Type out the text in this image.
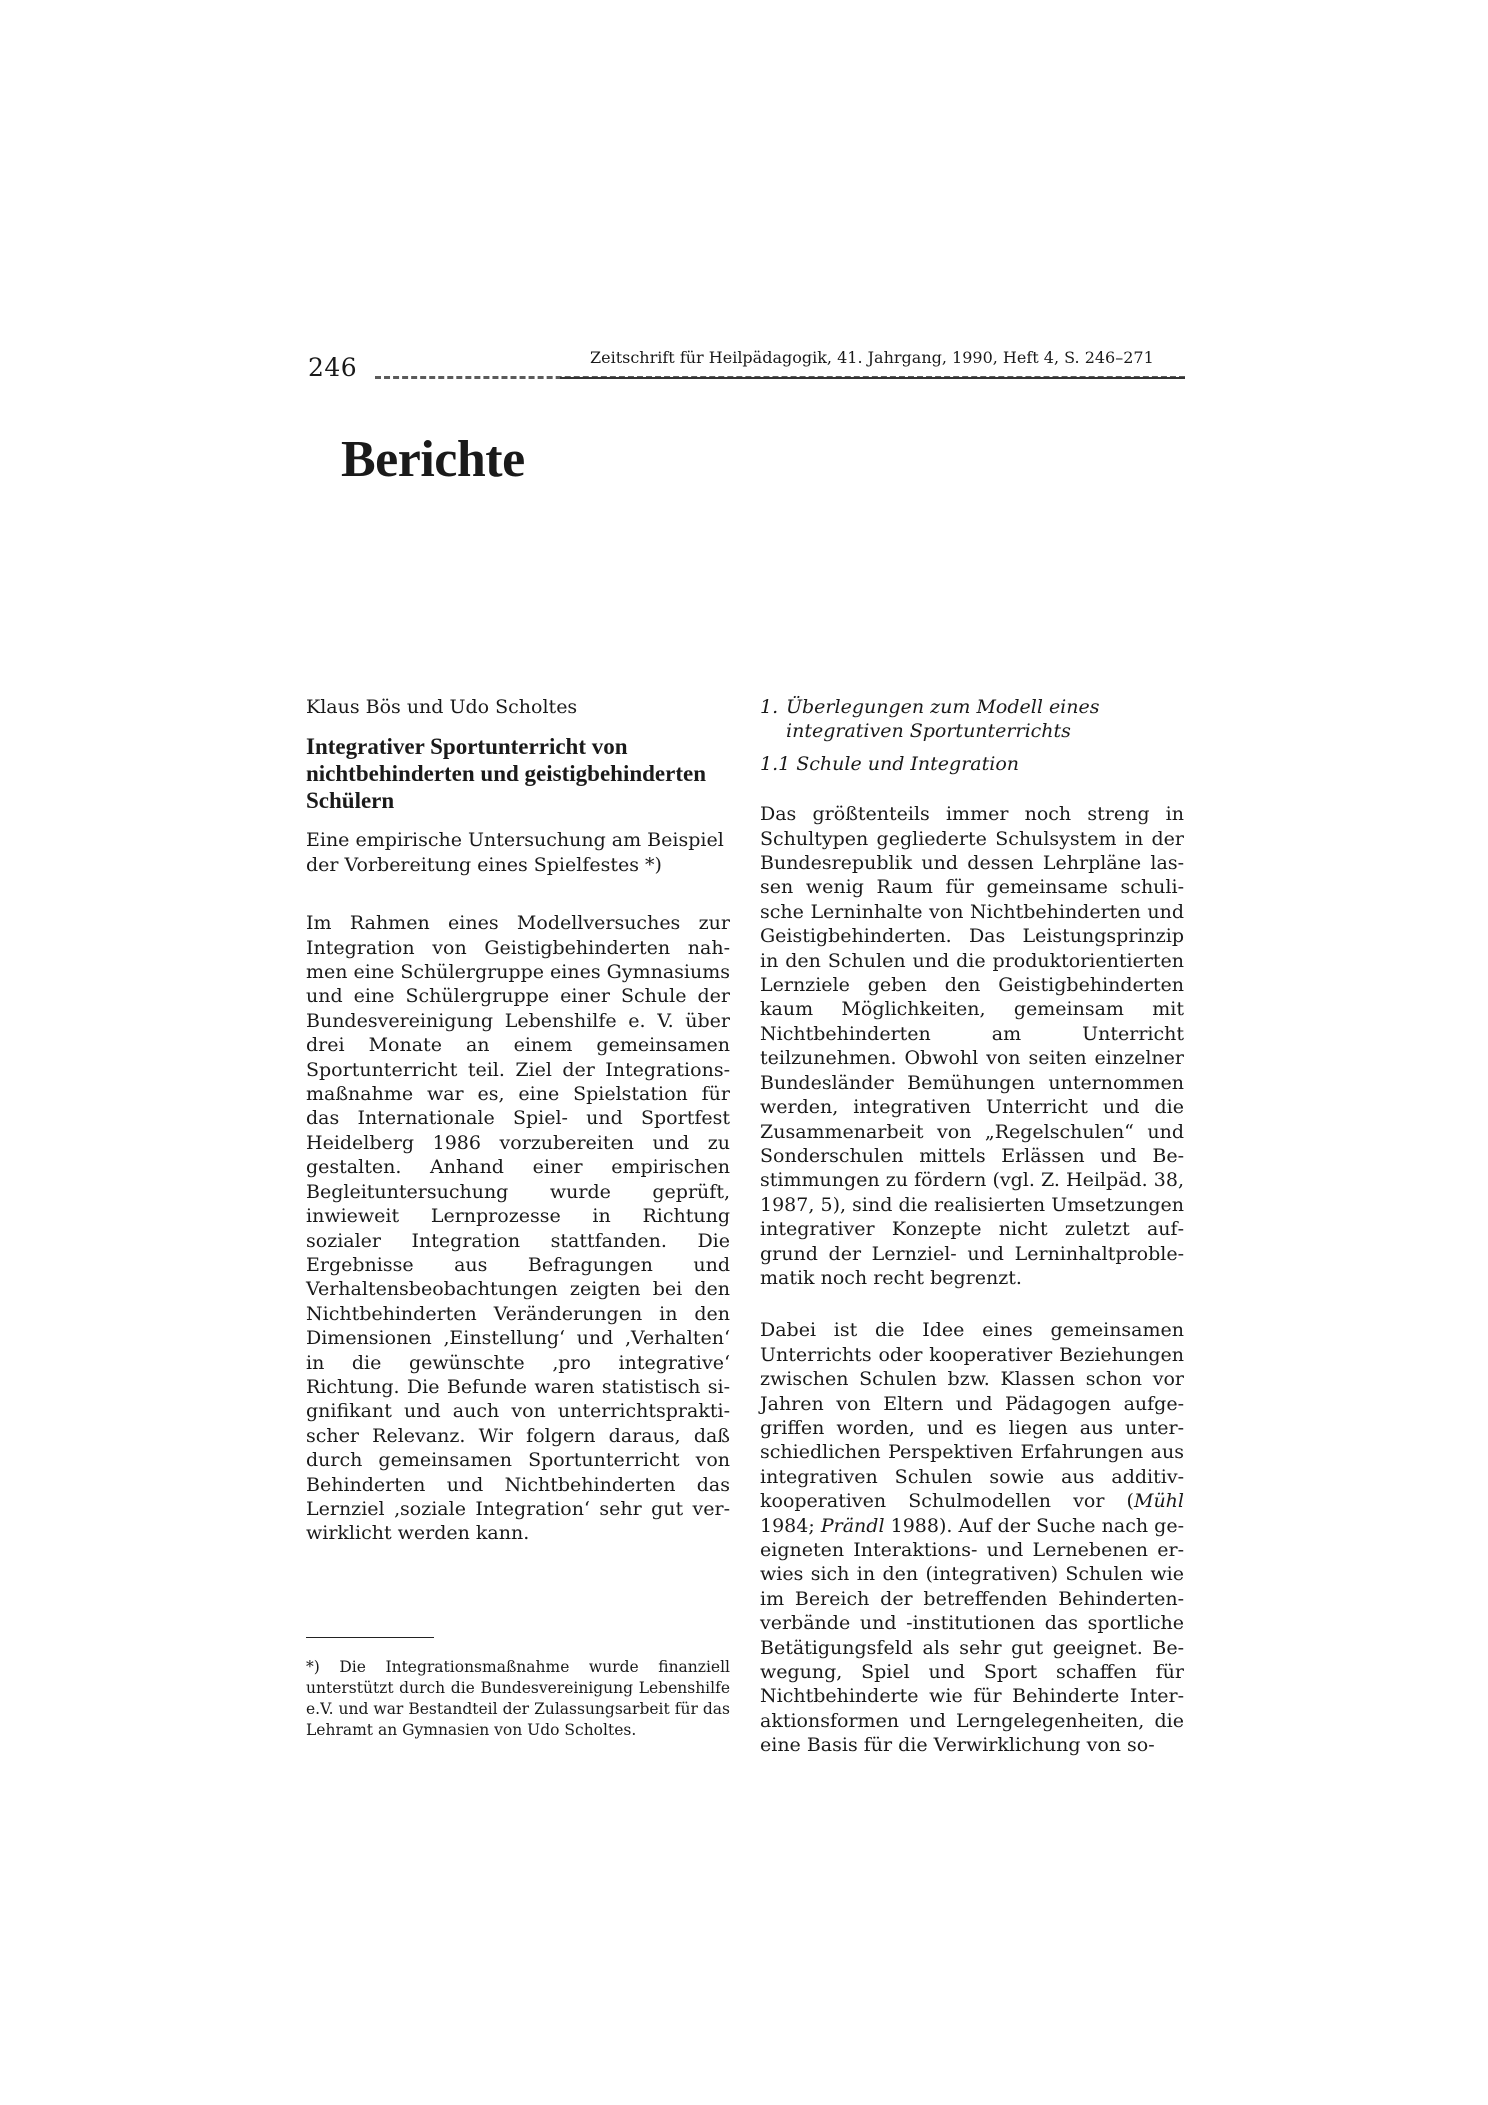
246	Zeitschrift für Heilpädagogik, 41. Jahrgang, 1990, Heft 4, S. 246–271
Berichte

Klaus Bös und Udo Scholtes

Integrativer Sportunterricht von nichtbehinderten und geistigbehinderten Schülern

Eine empirische Untersuchung am Beispiel der Vorbereitung eines Spielfestes *)

Im Rahmen eines Modellversuches zur Integration von Geistigbehinderten nahmen eine Schülergruppe eines Gymnasiums und eine Schülergruppe einer Schule der Bundesvereinigung Lebenshilfe e. V. über drei Monate an einem gemeinsamen Sportunterricht teil. Ziel der Integrationsmaßnahme war es, eine Spielstation für das Internationale Spiel- und Sportfest Heidelberg 1986 vorzubereiten und zu gestalten. Anhand einer empirischen Begleituntersuchung wurde geprüft, inwieweit Lernprozesse in Richtung sozialer Integration stattfanden. Die Ergebnisse aus Befragungen und Verhaltensbeobachtungen zeigten bei den Nichtbehinderten Veränderungen in den Dimensionen ‚Einstellung‘ und ‚Verhalten‘ in die gewünschte ‚pro integrative‘ Richtung. Die Befunde waren statistisch signifikant und auch von unterrichtspraktischer Relevanz. Wir folgern daraus, daß durch gemeinsamen Sportunterricht von Behinderten und Nichtbehinderten das Lernziel ‚soziale Integration‘ sehr gut verwirklicht werden kann.

*) Die Integrationsmaßnahme wurde finanziell unterstützt durch die Bundesvereinigung Lebenshilfe e.V. und war Bestandteil der Zulassungsarbeit für das Lehramt an Gymnasien von Udo Scholtes.

1. Überlegungen zum Modell eines integrativen Sportunterrichts
1.1 Schule und Integration

Das größtenteils immer noch streng in Schultypen gegliederte Schulsystem in der Bundesrepublik und dessen Lehrpläne lassen wenig Raum für gemeinsame schulische Lerninhalte von Nichtbehinderten und Geistigbehinderten. Das Leistungsprinzip in den Schulen und die produktorientierten Lernziele geben den Geistigbehinderten kaum Möglichkeiten, gemeinsam mit Nichtbehinderten am Unterricht teilzunehmen. Obwohl von seiten einzelner Bundesländer Bemühungen unternommen werden, integrativen Unterricht und die Zusammenarbeit von „Regelschulen“ und Sonderschulen mittels Erlässen und Bestimmungen zu fördern (vgl. Z. Heilpäd. 38, 1987, 5), sind die realisierten Umsetzungen integrativer Konzepte nicht zuletzt aufgrund der Lernziel- und Lerninhaltproblematik noch recht begrenzt.

Dabei ist die Idee eines gemeinsamen Unterrichts oder kooperativer Beziehungen zwischen Schulen bzw. Klassen schon vor Jahren von Eltern und Pädagogen aufgegriffen worden, und es liegen aus unterschiedlichen Perspektiven Erfahrungen aus integrativen Schulen sowie aus additiv-kooperativen Schulmodellen vor (Mühl 1984; Prändl 1988). Auf der Suche nach geeigneten Interaktions- und Lernebenen erwies sich in den (integrativen) Schulen wie im Bereich der betreffenden Behindertenverbände und -institutionen das sportliche Betätigungsfeld als sehr gut geeignet. Bewegung, Spiel und Sport schaffen für Nichtbehinderte wie für Behinderte Interaktionsformen und Lerngelegenheiten, die eine Basis für die Verwirklichung von so-
